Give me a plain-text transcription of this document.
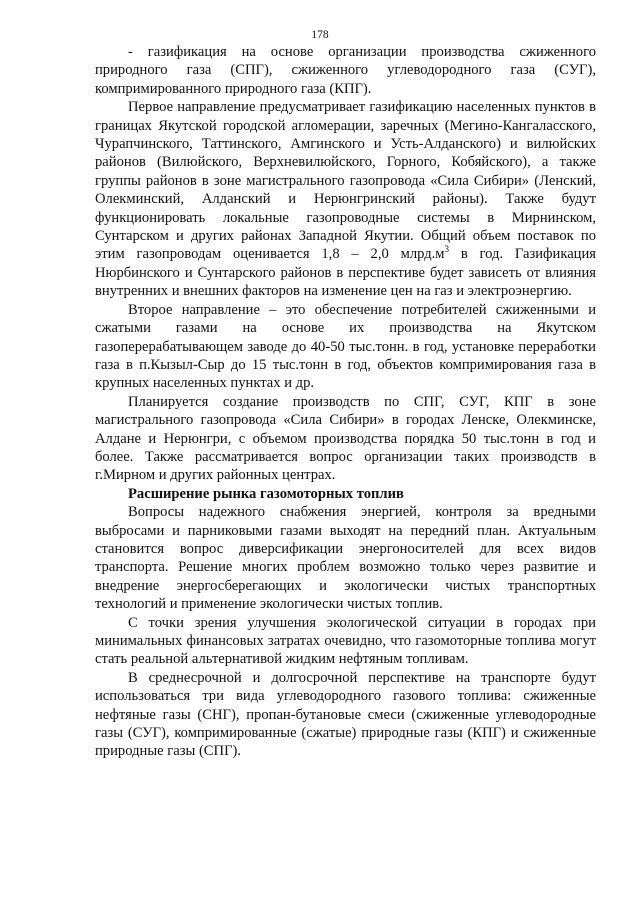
178

- газификация на основе организации производства сжиженного природного газа (СПГ), сжиженного углеводородного газа (СУГ), компримированного природного газа (КПГ).

Первое направление предусматривает газификацию населенных пунктов в границах Якутской городской агломерации, заречных (Мегино-Кангаласского, Чурапчинского, Таттинского, Амгинского и Усть-Алданского) и вилюйских районов (Вилюйского, Верхневилюйского, Горного, Кобяйского), а также группы районов в зоне магистрального газопровода «Сила Сибири» (Ленский, Олекминский, Алданский и Нерюнгринский районы). Также будут функционировать локальные газопроводные системы в Мирнинском, Сунтарском и других районах Западной Якутии. Общий объем поставок по этим газопроводам оценивается 1,8 – 2,0 $млрд.м^3$ в год. Газификация Нюрбинского и Сунтарского районов в перспективе будет зависеть от влияния внутренних и внешних факторов на изменение цен на газ и электроэнергию.

Второе направление – это обеспечение потребителей сжиженными и сжатыми газами на основе их производства на Якутском газоперерабатывающем заводе до 40-50 тыс.тонн. в год, установке переработки газа в п.Кызыл-Сыр до 15 тыс.тонн в год, объектов компримирования газа в крупных населенных пунктах и др.

Планируется создание производств по СПГ, СУГ, КПГ в зоне магистрального газопровода «Сила Сибири» в городах Ленске, Олекминске, Алдане и Нерюнгри, с объемом производства порядка 50 тыс.тонн в год и более. Также рассматривается вопрос организации таких производств в г.Мирном и других районных центрах.

Расширение рынка газомоторных топлив

Вопросы надежного снабжения энергией, контроля за вредными выбросами и парниковыми газами выходят на передний план. Актуальным становится вопрос диверсификации энергоносителей для всех видов транспорта. Решение многих проблем возможно только через развитие и внедрение энергосберегающих и экологически чистых транспортных технологий и применение экологически чистых топлив.

С точки зрения улучшения экологической ситуации в городах при минимальных финансовых затратах очевидно, что газомоторные топлива могут стать реальной альтернативой жидким нефтяным топливам.

В среднесрочной и долгосрочной перспективе на транспорте будут использоваться три вида углеводородного газового топлива: сжиженные нефтяные газы (СНГ), пропан-бутановые смеси (сжиженные углеводородные газы (СУГ), компримированные (сжатые) природные газы (КПГ) и сжиженные природные газы (СПГ).
